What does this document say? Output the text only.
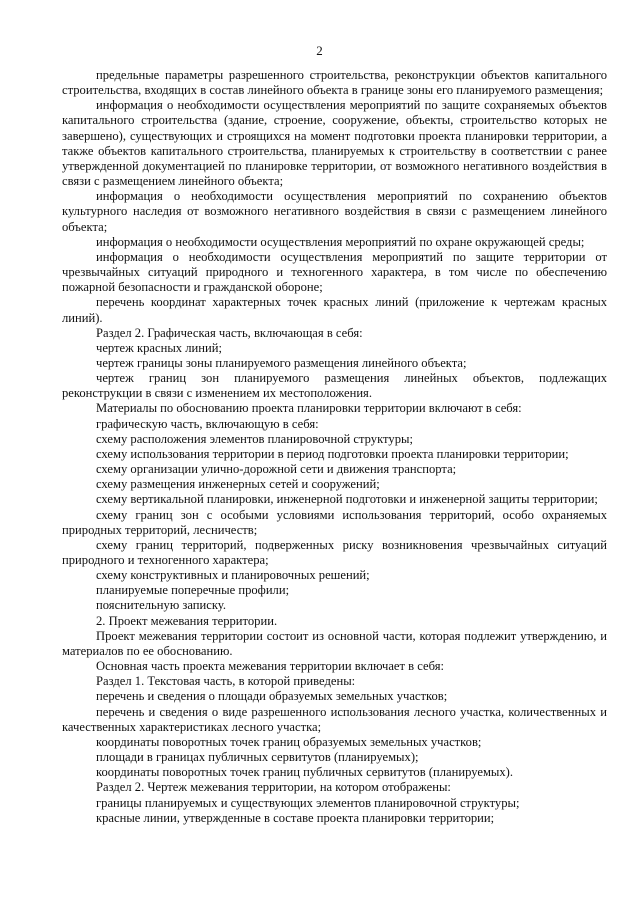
2

предельные параметры разрешенного строительства, реконструкции объектов капитального строительства, входящих в состав линейного объекта в границе зоны его планируемого размещения;

информация о необходимости осуществления мероприятий по защите сохраняемых объектов капитального строительства (здание, строение, сооружение, объекты, строительство которых не завершено), существующих и строящихся на момент подготовки проекта планировки территории, а также объектов капитального строительства, планируемых к строительству в соответствии с ранее утвержденной документацией по планировке территории, от возможного негативного воздействия в связи с размещением линейного объекта;

информация о необходимости осуществления мероприятий по сохранению объектов культурного наследия от возможного негативного воздействия в связи с размещением линейного объекта;

информация о необходимости осуществления мероприятий по охране окружающей среды;

информация о необходимости осуществления мероприятий по защите территории от чрезвычайных ситуаций природного и техногенного характера, в том числе по обеспечению пожарной безопасности и гражданской обороне;

перечень координат характерных точек красных линий (приложение к чертежам красных линий).

Раздел 2. Графическая часть, включающая в себя:

чертеж красных линий;

чертеж границы зоны планируемого размещения линейного объекта;

чертеж границ зон планируемого размещения линейных объектов, подлежащих реконструкции в связи с изменением их местоположения.

Материалы по обоснованию проекта планировки территории включают в себя:

графическую часть, включающую в себя:

схему расположения элементов планировочной структуры;

схему использования территории в период подготовки проекта планировки территории;

схему организации улично-дорожной сети и движения транспорта;

схему размещения инженерных сетей и сооружений;

схему вертикальной планировки, инженерной подготовки и инженерной защиты территории;

схему границ зон с особыми условиями использования территорий, особо охраняемых природных территорий, лесничеств;

схему границ территорий, подверженных риску возникновения чрезвычайных ситуаций природного и техногенного характера;

схему конструктивных и планировочных решений;

планируемые поперечные профили;

пояснительную записку.

2. Проект межевания территории.

Проект межевания территории состоит из основной части, которая подлежит утверждению, и материалов по ее обоснованию.

Основная часть проекта межевания территории включает в себя:

Раздел 1. Текстовая часть, в которой приведены:

перечень и сведения о площади образуемых земельных участков;

перечень и сведения о виде разрешенного использования лесного участка, количественных и качественных характеристиках лесного участка;

координаты поворотных точек границ образуемых земельных участков;

площади в границах публичных сервитутов (планируемых);

координаты поворотных точек границ публичных сервитутов (планируемых).

Раздел 2. Чертеж межевания территории, на котором отображены:

границы планируемых и существующих элементов планировочной структуры;

красные линии, утвержденные в составе проекта планировки территории;
